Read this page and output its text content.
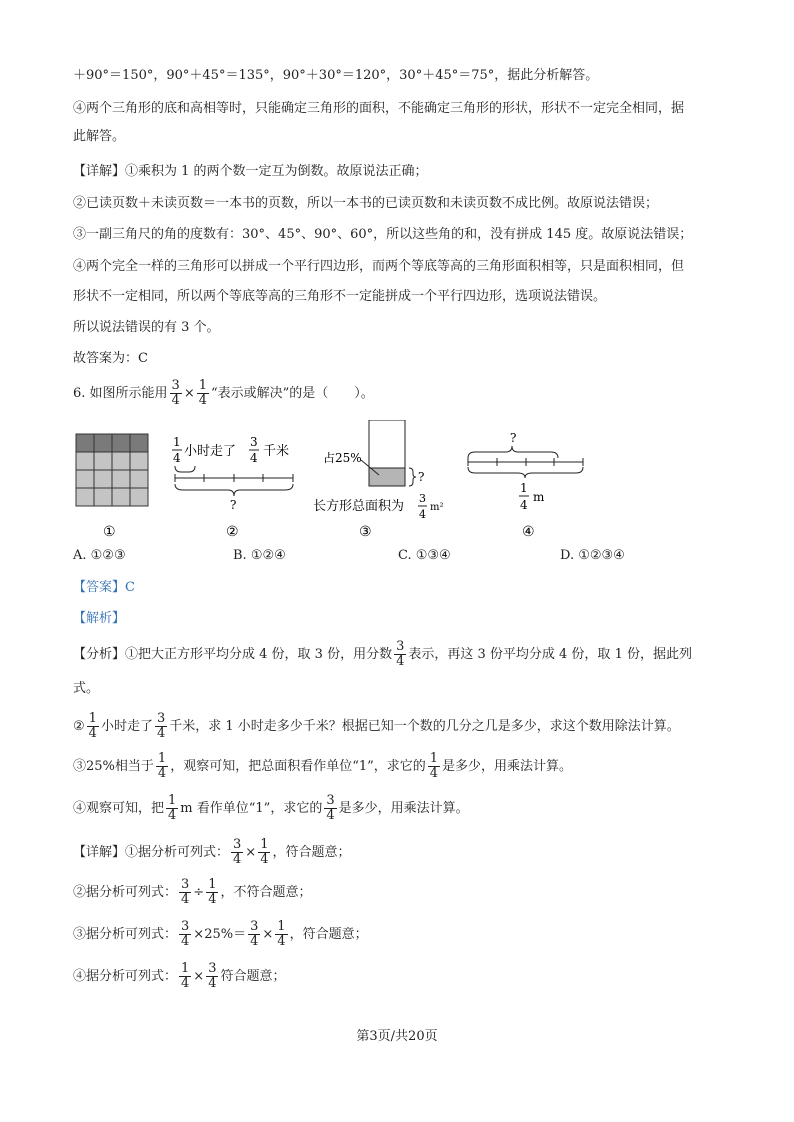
＋90°＝150°，90°＋45°＝135°，90°＋30°＝120°，30°＋45°＝75°，据此分析解答。
④两个三角形的底和高相等时，只能确定三角形的面积，不能确定三角形的形状，形状不一定完全相同，据
此解答。
【详解】①乘积为 1 的两个数一定互为倒数。故原说法正确；
②已读页数＋未读页数＝一本书的页数，所以一本书的已读页数和未读页数不成比例。故原说法错误；
③一副三角尺的角的度数有：30°、45°、90°、60°，所以这些角的和，没有拼成 145 度。故原说法错误；
④两个完全一样的三角形可以拼成一个平行四边形，而两个等底等高的三角形面积相等，只是面积相同，但
形状不一定相同，所以两个等底等高的三角形不一定能拼成一个平行四边形，选项说法错误。
所以说法错误的有 3 个。
故答案为：C
6. 如图所示能用 $\frac{3}{4} \times \frac{1}{4}$ “表示或解决”的是（　　）。
①
1
4 小时走了
3
4 千米
?
②
占25%
?
长方形总面积为
3
4
m²
③
?
1
4
m
④
A. ①②③	B. ①②④	C. ①③④	D. ①②③④
【答案】C
【解析】
【分析】①把大正方形平均分成 4 份，取 3 份，用分数 $\frac{3}{4}$ 表示，再这 3 份平均分成 4 份，取 1 份，据此列
式。
② $\frac{1}{4}$ 小时走了 $\frac{3}{4}$ 千米，求 1 小时走多少千米？根据已知一个数的几分之几是多少，求这个数用除法计算。
③25%相当于 $\frac{1}{4}$ ，观察可知，把总面积看作单位“1”，求它的 $\frac{1}{4}$ 是多少，用乘法计算。
④观察可知，把 $\frac{1}{4}$ m 看作单位“1”，求它的 $\frac{3}{4}$ 是多少，用乘法计算。
【详解】①据分析可列式： $\frac{3}{4} \times \frac{1}{4}$ ，符合题意；
②据分析可列式： $\frac{3}{4} \div \frac{1}{4}$ ，不符合题意；
③据分析可列式： $\frac{3}{4} \times 25\%= \frac{3}{4} \times \frac{1}{4}$ ，符合题意；
④据分析可列式： $\frac{1}{4} \times \frac{3}{4}$ 符合题意；
第3页/共20页
